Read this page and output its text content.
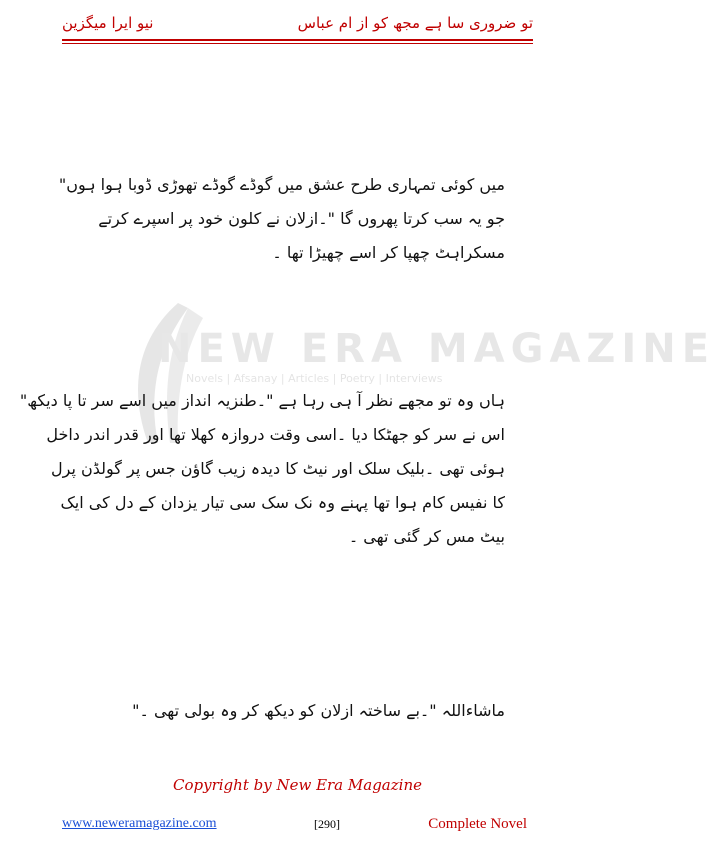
نیو ایرا میگزین	تو ضروری سا ہے مجھ کو از ام عباس
NEW ERA MAGAZINE
Novels | Afsanay | Articles | Poetry | Interviews

میں کوئی تمہاری طرح عشق میں گوڈے گوڈے تھوڑی ڈوبا ہوا ہوں"

جو یہ سب کرتا پھروں گا "۔ازلان نے کلون خود پر اسپرے کرتے

مسکراہٹ چھپا کر اسے چھیڑا تھا ۔

ہاں وہ تو مجھے نظر آ ہی رہا ہے "۔طنزیہ انداز میں اسے سر تا پا دیکھ"

اس نے سر کو جھٹکا دیا ۔اسی وقت دروازہ کھلا تھا اور قدر اندر داخل

ہوئی تھی ۔بلیک سلک اور نیٹ کا دیدہ زیب گاؤن جس پر گولڈن پرل

کا نفیس کام ہوا تھا پہنے وہ نک سک سی تیار یزدان کے دل کی ایک

بیٹ مس کر گئی تھی ۔

ماشاءاللہ "۔بے ساختہ ازلان کو دیکھ کر وہ بولی تھی ۔"

Copyright by New Era Magazine
www.neweramagazine.com	[290]	Complete Novel
